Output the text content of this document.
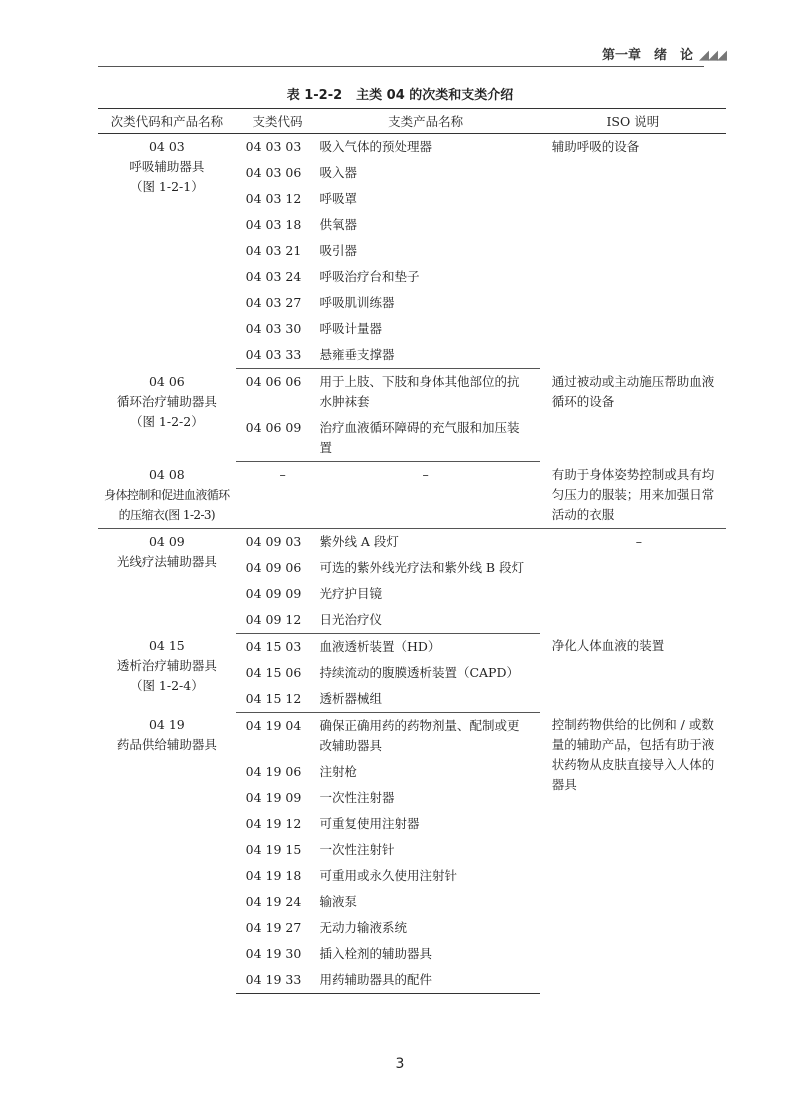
第一章　绪　论 ◢◢◢
表 1-2-2 主类 04 的次类和支类介绍
次类代码和产品名称	支类代码	支类产品名称	ISO 说明

04 03
呼吸辅助器具
（图 1-2-1）	04 03 03	吸入气体的预处理器	辅助呼吸的设备
	04 03 06	吸入器	
	04 03 12	呼吸罩	
	04 03 18	供氧器	
	04 03 21	吸引器	
	04 03 24	呼吸治疗台和垫子	
	04 03 27	呼吸肌训练器	
	04 03 30	呼吸计量器	
	04 03 33	悬雍垂支撑器	

04 06
循环治疗辅助器具
（图 1-2-2）	04 06 06	用于上肢、下肢和身体其他部位的抗水肿袜套	通过被动或主动施压帮助血液循环的设备
	04 06 09	治疗血液循环障碍的充气服和加压装置	

04 08
身体控制和促进血液循环的压缩衣(图 1-2-3)	–	–	有助于身体姿势控制或具有均匀压力的服装；用来加强日常活动的衣服

04 09
光线疗法辅助器具	04 09 03	紫外线 A 段灯	–
	04 09 06	可选的紫外线光疗法和紫外线 B 段灯	
	04 09 09	光疗护目镜	
	04 09 12	日光治疗仪	

04 15
透析治疗辅助器具
（图 1-2-4）	04 15 03	血液透析装置（HD）	净化人体血液的装置
	04 15 06	持续流动的腹膜透析装置（CAPD）	
	04 15 12	透析器械组	

04 19
药品供给辅助器具	04 19 04	确保正确用药的药物剂量、配制或更改辅助器具	控制药物供给的比例和 / 或数量的辅助产品，包括有助于液状药物从皮肤直接导入人体的器具
	04 19 06	注射枪	
	04 19 09	一次性注射器	
	04 19 12	可重复使用注射器	
	04 19 15	一次性注射针	
	04 19 18	可重用或永久使用注射针	
	04 19 24	输液泵	
	04 19 27	无动力输液系统	
	04 19 30	插入栓剂的辅助器具	
	04 19 33	用药辅助器具的配件	
3
